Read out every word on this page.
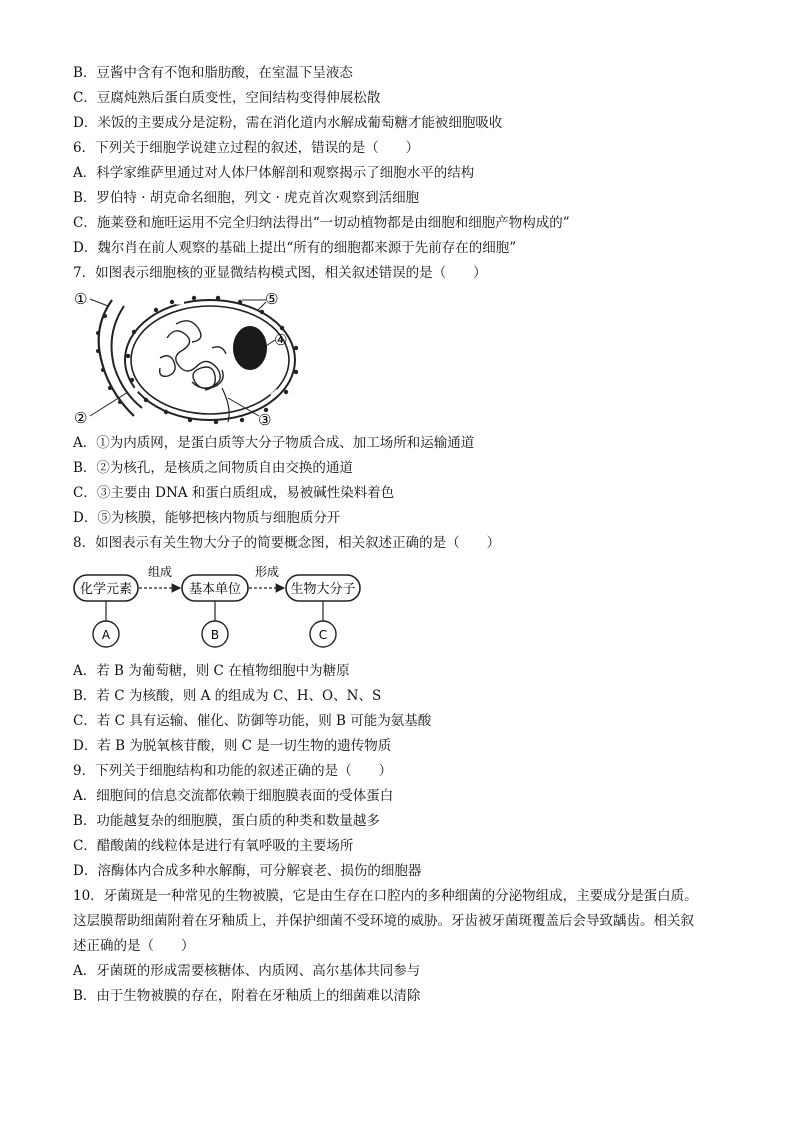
B．豆酱中含有不饱和脂肪酸，在室温下呈液态
C．豆腐炖熟后蛋白质变性，空间结构变得伸展松散
D．米饭的主要成分是淀粉，需在消化道内水解成葡萄糖才能被细胞吸收
6．下列关于细胞学说建立过程的叙述，错误的是（　　）
A．科学家维萨里通过对人体尸体解剖和观察揭示了细胞水平的结构
B．罗伯特 · 胡克命名细胞，列文 · 虎克首次观察到活细胞
C．施莱登和施旺运用不完全归纳法得出“一切动植物都是由细胞和细胞产物构成的”
D．魏尔肖在前人观察的基础上提出“所有的细胞都来源于先前存在的细胞”
7．如图表示细胞核的亚显微结构模式图，相关叙述错误的是（　　）
①
②	③
④
⑤
A．①为内质网，是蛋白质等大分子物质合成、加工场所和运输通道
B．②为核孔，是核质之间物质自由交换的通道
C．③主要由 DNA 和蛋白质组成，易被碱性染料着色
D．⑤为核膜，能够把核内物质与细胞质分开
8．如图表示有关生物大分子的简要概念图，相关叙述正确的是（　　）
化学元素	基本单位	生物大分子
组成	形成
A	B	C
A．若 B 为葡萄糖，则 C 在植物细胞中为糖原
B．若 C 为核酸，则 A 的组成为 C、H、O、N、S
C．若 C 具有运输、催化、防御等功能，则 B 可能为氨基酸
D．若 B 为脱氧核苷酸，则 C 是一切生物的遗传物质
9．下列关于细胞结构和功能的叙述正确的是（　　）
A．细胞间的信息交流都依赖于细胞膜表面的受体蛋白
B．功能越复杂的细胞膜，蛋白质的种类和数量越多
C．醋酸菌的线粒体是进行有氧呼吸的主要场所
D．溶酶体内合成多种水解酶，可分解衰老、损伤的细胞器
10．牙菌斑是一种常见的生物被膜，它是由生存在口腔内的多种细菌的分泌物组成，主要成分是蛋白质。
这层膜帮助细菌附着在牙釉质上，并保护细菌不受环境的威胁。牙齿被牙菌斑覆盖后会导致龋齿。相关叙
述正确的是（　　）
A．牙菌斑的形成需要核糖体、内质网、高尔基体共同参与
B．由于生物被膜的存在，附着在牙釉质上的细菌难以清除
